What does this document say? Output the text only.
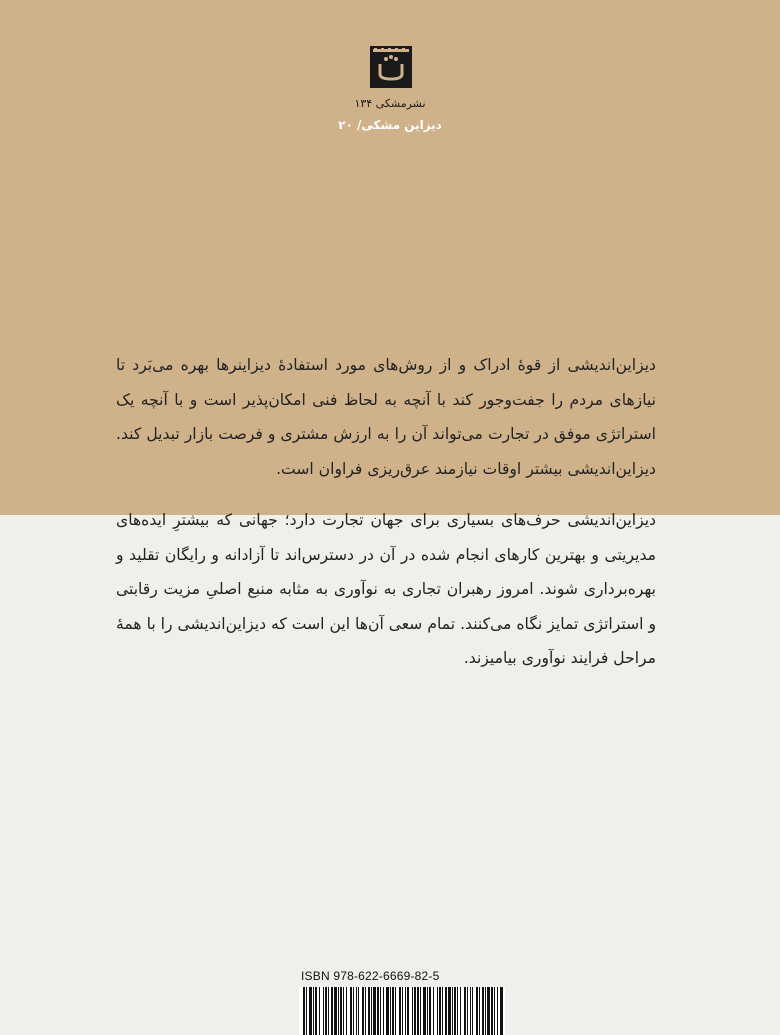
نشرمشکی ۱۳۴
دیزاین مشکی/ ۲۰

دیزاین‌اندیشی از قوهٔ ادراک و از روش‌های مورد استفادهٔ دیزاینرها بهره می‌بَرد تا نیازهای مردم را جفت‌وجور کند با آنچه به لحاظ فنی امکان‌پذیر است و با آنچه یک استراتژی موفق در تجارت می‌تواند آن را به ارزش مشتری و فرصت بازار تبدیل کند. دیزاین‌اندیشی بیشتر اوقات نیازمند عرق‌ریزی فراوان است.

دیزاین‌اندیشی حرف‌های بسیاری برای جهان تجارت دارد؛ جهانی که بیشترِ ایده‌های مدیریتی و بهترین کارهای انجام شده در آن در دسترس‌اند تا آزادانه و رایگان تقلید و بهره‌برداری شوند. امروز رهبران تجاری به نوآوری به مثابه منبع اصلیِ مزیت رقابتی و استراتژی تمایز نگاه می‌کنند. تمام سعی آن‌ها این است که دیزاین‌اندیشی را با همهٔ مراحل فرایند نوآوری بیامیزند.

ISBN 978-622-6669-82-5
